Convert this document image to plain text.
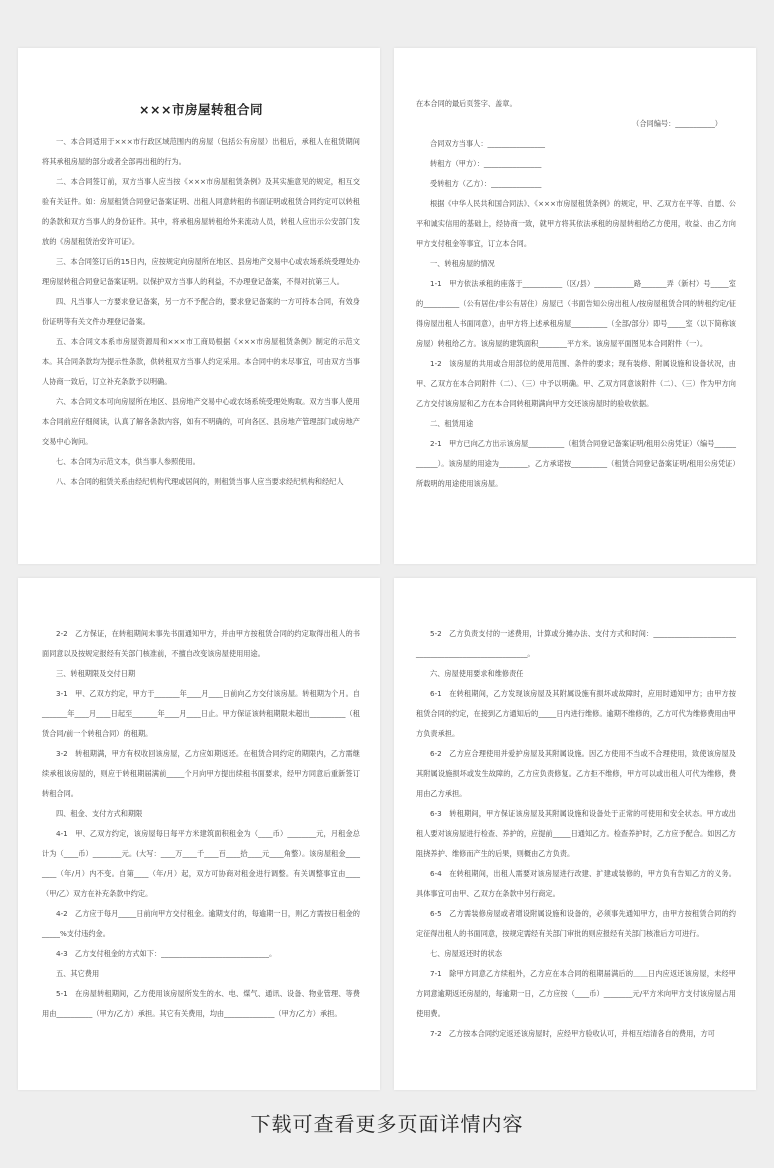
×××市房屋转租合同

一、本合同适用于×××市行政区域范围内的房屋（包括公有房屋）出租后，承租人在租赁期间将其承租房屋的部分或者全部再出租的行为。

二、本合同签订前，双方当事人应当按《×××市房屋租赁条例》及其实施意见的规定，相互交验有关证件。如：房屋租赁合同登记备案证明、出租人同意转租的书面证明或租赁合同约定可以转租的条款和双方当事人的身份证件。其中，将承租房屋转租给外来流动人员，转租人应出示公安部门发放的《房屋租赁治安许可证》。

三、本合同签订后的15日内，应按规定向房屋所在地区、县房地产交易中心或农场系统受理处办理房屋转租合同登记备案证明。以保护双方当事人的利益，不办理登记备案，不得对抗第三人。

四、凡当事人一方要求登记备案，另一方不予配合的，要求登记备案的一方可持本合同，有效身份证明等有关文件办理登记备案。

五、本合同文本系市房屋资源局和×××市工商局根据《×××市房屋租赁条例》制定的示范文本。其合同条款均为提示性条款，供转租双方当事人约定采用。本合同中的未尽事宜，可由双方当事人协商一致后，订立补充条款予以明确。

六、本合同文本可向房屋所在地区、县房地产交易中心或农场系统受理处购取。双方当事人使用本合同前应仔细阅读，认真了解各条款内容，如有不明确的，可向各区、县房地产管理部门或房地产交易中心询问。

七、本合同为示范文本，供当事人参照使用。

八、本合同的租赁关系由经纪机构代理或居间的，则租赁当事人应当要求经纪机构和经纪人

在本合同的最后页签字、盖章。

（合同编号：___________）

合同双方当事人：________________

转租方（甲方）：________________

受转租方（乙方）：______________

根据《中华人民共和国合同法》、《×××市房屋租赁条例》的规定，甲、乙双方在平等、自愿、公平和诚实信用的基础上，经协商一致，就甲方将其依法承租的房屋转租给乙方使用，收益、由乙方向甲方支付租金等事宜，订立本合同。

一、转租房屋的情况

1-1　甲方依法承租的座落于___________（区/县）___________路_______弄（新村）号_____室的__________（公有居住/非公有居住）房屋已（书面告知公房出租人/按房屋租赁合同的转租约定/征得房屋出租人书面同意），由甲方将上述承租房屋__________（全部/部分）即号_____室（以下简称该房屋）转租给乙方。该房屋的建筑面积________平方米。该房屋平面图见本合同附件（一）。

1-2　该房屋的共用或合用部位的使用范围、条件的要求；现有装修、附属设施和设备状况，由甲、乙双方在本合同附件（二）、（三）中予以明确。甲、乙双方同意该附件（二）、（三）作为甲方向乙方交付该房屋和乙方在本合同转租期满向甲方交还该房屋时的验收依据。

二、租赁用途

2-1　甲方已向乙方出示该房屋__________（租赁合同登记备案证明/租用公房凭证）（编号____________）。该房屋的用途为________，乙方承诺按__________（租赁合同登记备案证明/租用公房凭证）所载明的用途使用该房屋。

2-2　乙方保证，在转租期间未事先书面通知甲方，并由甲方按租赁合同的约定取得出租人的书面同意以及按规定报经有关部门核准前，不擅自改变该房屋使用用途。

三、转租期限及交付日期

3-1　甲、乙双方约定，甲方于_______年____月____日前向乙方交付该房屋。转租期为个月。自_______年____月____日起至_______年____月____日止。甲方保证该转租期限未超出__________（租赁合同/前一个转租合同）的租期。

3-2　转租期满，甲方有权收回该房屋，乙方应如期返还。在租赁合同约定的期限内，乙方需继续承租该房屋的，则应于转租期届满前_____个月向甲方提出续租书面要求，经甲方同意后重新签订转租合同。

四、租金、支付方式和期限

4-1　甲、乙双方约定，该房屋每日每平方米建筑面积租金为（____币）________元，月租金总计为（____币）________元。(大写：____万____千____百____拾____元____角整）。该房屋租金________（年/月）内不变。自第____（年/月）起，双方可协商对租金进行调整。有关调整事宜由____（甲/乙）双方在补充条款中约定。

4-2　乙方应于每月_____日前向甲方交付租金。逾期支付的，每逾期一日，则乙方需按日租金的_____%支付违约金。

4-3　乙方支付租金的方式如下：______________________________。

五、其它费用

5-1　在房屋转租期间，乙方使用该房屋所发生的水、电、煤气、通讯、设备、物业管理、等费用由__________（甲方/乙方）承担。其它有关费用，均由______________（甲方/乙方）承担。

5-2　乙方负责支付的一述费用，计算或分摊办法、支付方式和时间：______________________________________________________。

六、房屋使用要求和维修责任

6-1　在转租期间，乙方发现该房屋及其附属设施有损坏或故障时，应用时通知甲方；由甲方按租赁合同的约定，在接到乙方通知后的_____日内进行维修。逾期不维修的，乙方可代为维修费用由甲方负责承担。

6-2　乙方应合理使用并爱护房屋及其附属设施。因乙方使用不当或不合理使用，致使该房屋及其附属设施损坏或发生故障的，乙方应负责修复。乙方拒不维修，甲方可以或出租人可代为维修，费用由乙方承担。

6-3　转租期间，甲方保证该房屋及其附属设施和设备处于正常的可使用和安全状态。甲方或出租人要对该房屋进行检查、养护的，应提前_____日通知乙方。检查养护时，乙方应予配合。如因乙方阻挠养护、维修而产生的后果，则概由乙方负责。

6-4　在转租期间，出租人需要对该房屋进行改建、扩建或装修的，甲方负有告知乙方的义务。具体事宜可由甲、乙双方在条款中另行商定。

6-5　乙方需装修房屋或者增设附属设施和设备的，必须事先通知甲方，由甲方按租赁合同的约定征得出租人的书面同意，按规定需经有关部门审批的则应报经有关部门核准后方可进行。

七、房屋返还时的状态

7-1　除甲方同意乙方续租外，乙方应在本合同的租期届满后的＿＿日内应返还该房屋，未经甲方同意逾期返还房屋的，每逾期一日，乙方应按（____币）________元/平方米向甲方支付该房屋占用使用费。

7-2　乙方按本合同约定返还该房屋时，应经甲方验收认可，并相互结清各自的费用，方可

下载可查看更多页面详情内容
